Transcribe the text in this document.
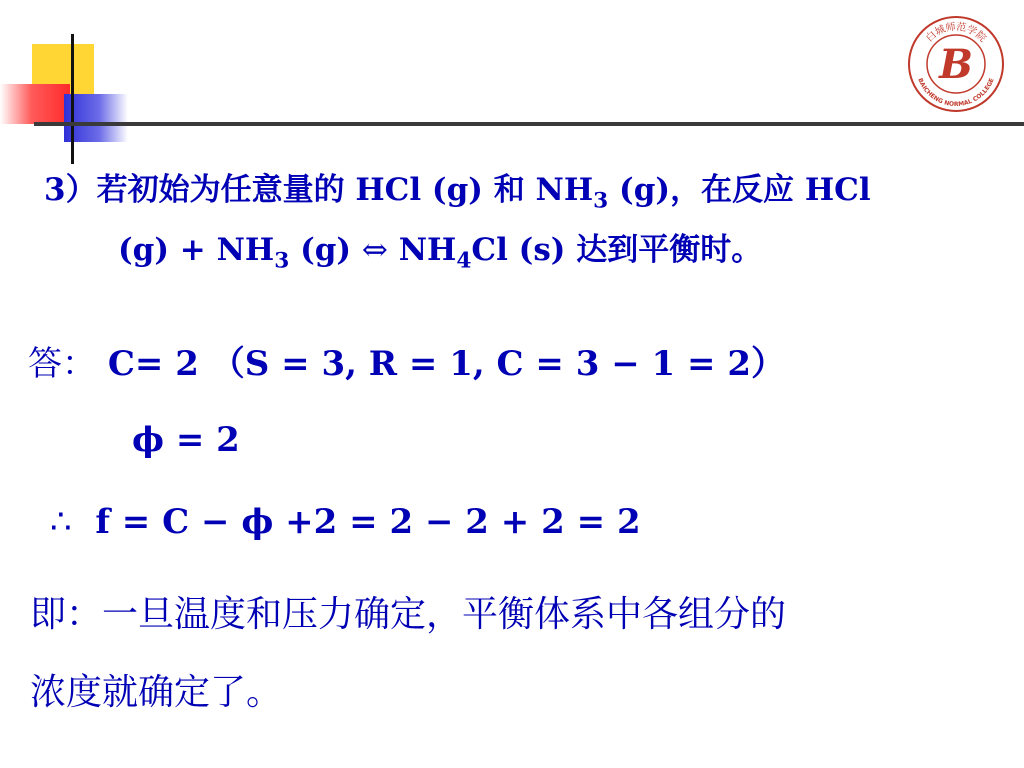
白城师范学院
BAICHENG NORMAL COLLEGE
B
3）若初始为任意量的 HCl (g) 和 $NH_3$ (g)，在反应 HCl
$(g) + NH_3$ (g) ⇔ $NH_4Cl$ (s) 达到平衡时。
答： C= 2 （S = 3, R = 1, C = 3 − 1 = 2）
ϕ = 2
∴ f = C − ϕ +2 = 2 − 2 + 2 = 2
即：一旦温度和压力确定，平衡体系中各组分的
浓度就确定了。
